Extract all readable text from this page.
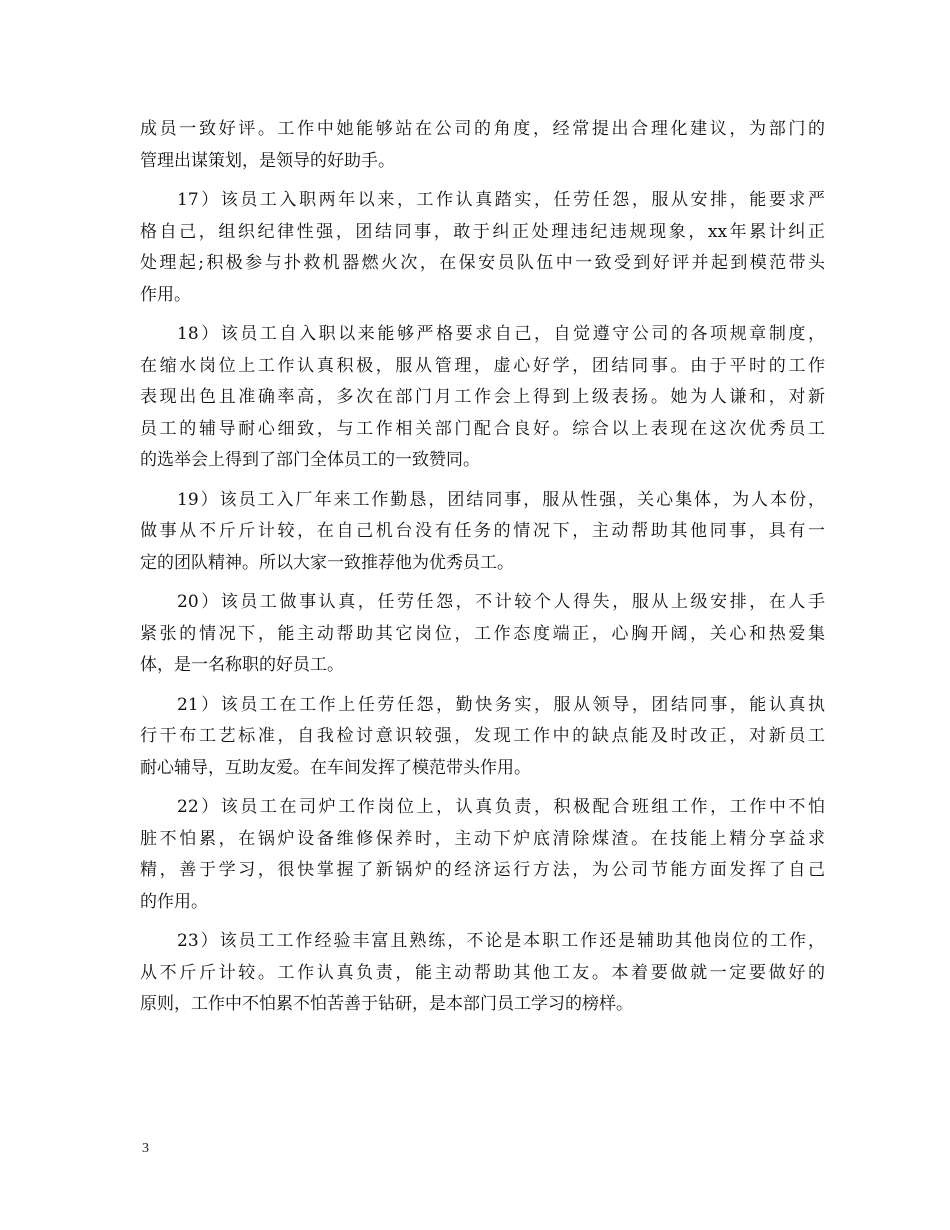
成员一致好评。工作中她能够站在公司的角度，经常提出合理化建议，为部门的
管理出谋策划，是领导的好助手。
17）该员工入职两年以来，工作认真踏实，任劳任怨，服从安排，能要求严
格自己，组织纪律性强，团结同事，敢于纠正处理违纪违规现象，xx年累计纠正
处理起;积极参与扑救机器燃火次，在保安员队伍中一致受到好评并起到模范带头
作用。
18）该员工自入职以来能够严格要求自己，自觉遵守公司的各项规章制度，
在缩水岗位上工作认真积极，服从管理，虚心好学，团结同事。由于平时的工作
表现出色且准确率高，多次在部门月工作会上得到上级表扬。她为人谦和，对新
员工的辅导耐心细致，与工作相关部门配合良好。综合以上表现在这次优秀员工
的选举会上得到了部门全体员工的一致赞同。
19）该员工入厂年来工作勤恳，团结同事，服从性强，关心集体，为人本份，
做事从不斤斤计较，在自己机台没有任务的情况下，主动帮助其他同事，具有一
定的团队精神。所以大家一致推荐他为优秀员工。
20）该员工做事认真，任劳任怨，不计较个人得失，服从上级安排，在人手
紧张的情况下，能主动帮助其它岗位，工作态度端正，心胸开阔，关心和热爱集
体，是一名称职的好员工。
21）该员工在工作上任劳任怨，勤快务实，服从领导，团结同事，能认真执
行干布工艺标准，自我检讨意识较强，发现工作中的缺点能及时改正，对新员工
耐心辅导，互助友爱。在车间发挥了模范带头作用。
22）该员工在司炉工作岗位上，认真负责，积极配合班组工作，工作中不怕
脏不怕累，在锅炉设备维修保养时，主动下炉底清除煤渣。在技能上精分享益求
精，善于学习，很快掌握了新锅炉的经济运行方法，为公司节能方面发挥了自己
的作用。
23）该员工工作经验丰富且熟练，不论是本职工作还是辅助其他岗位的工作，
从不斤斤计较。工作认真负责，能主动帮助其他工友。本着要做就一定要做好的
原则，工作中不怕累不怕苦善于钻研，是本部门员工学习的榜样。
3
